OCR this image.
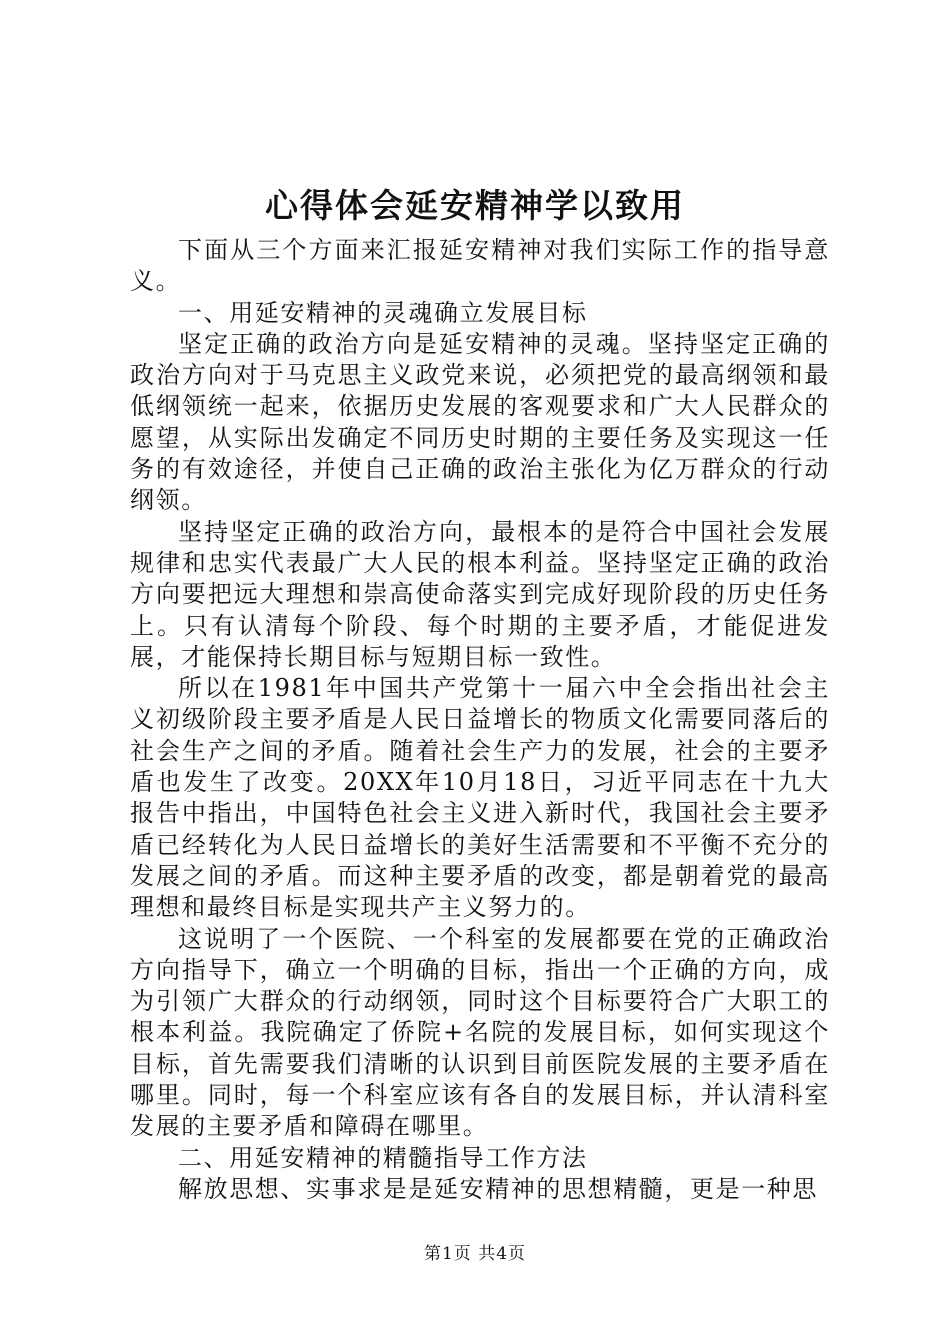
心得体会延安精神学以致用

下面从三个方面来汇报延安精神对我们实际工作的指导意义。

一、用延安精神的灵魂确立发展目标

坚定正确的政治方向是延安精神的灵魂。坚持坚定正确的政治方向对于马克思主义政党来说，必须把党的最高纲领和最低纲领统一起来，依据历史发展的客观要求和广大人民群众的愿望，从实际出发确定不同历史时期的主要任务及实现这一任务的有效途径，并使自己正确的政治主张化为亿万群众的行动纲领。

坚持坚定正确的政治方向，最根本的是符合中国社会发展规律和忠实代表最广大人民的根本利益。坚持坚定正确的政治方向要把远大理想和崇高使命落实到完成好现阶段的历史任务上。只有认清每个阶段、每个时期的主要矛盾，才能促进发展，才能保持长期目标与短期目标一致性。

所以在1981年中国共产党第十一届六中全会指出社会主义初级阶段主要矛盾是人民日益增长的物质文化需要同落后的社会生产之间的矛盾。随着社会生产力的发展，社会的主要矛盾也发生了改变。20XX年10月18日，习近平同志在十九大报告中指出，中国特色社会主义进入新时代，我国社会主要矛盾已经转化为人民日益增长的美好生活需要和不平衡不充分的发展之间的矛盾。而这种主要矛盾的改变，都是朝着党的最高理想和最终目标是实现共产主义努力的。

这说明了一个医院、一个科室的发展都要在党的正确政治方向指导下，确立一个明确的目标，指出一个正确的方向，成为引领广大群众的行动纲领，同时这个目标要符合广大职工的根本利益。我院确定了侨院+名院的发展目标，如何实现这个目标，首先需要我们清晰的认识到目前医院发展的主要矛盾在哪里。同时，每一个科室应该有各自的发展目标，并认清科室发展的主要矛盾和障碍在哪里。

二、用延安精神的精髓指导工作方法

解放思想、实事求是是延安精神的思想精髓，更是一种思

第1页 共4页
